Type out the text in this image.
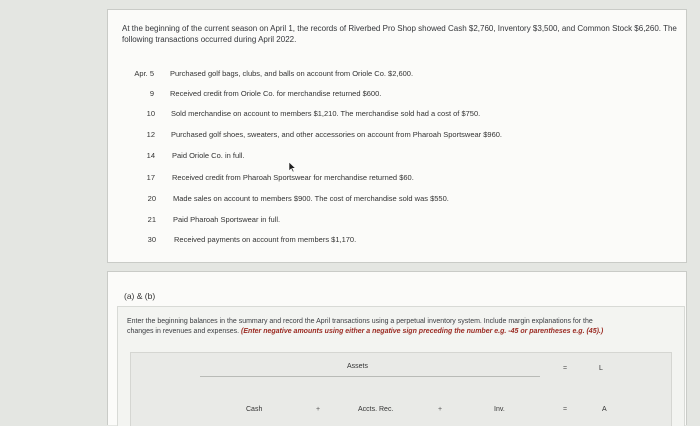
At the beginning of the current season on April 1, the records of Riverbed Pro Shop showed Cash $2,760, Inventory $3,500, and Common Stock $6,260. The following transactions occurred during April 2022.
Apr. 5 Purchased golf bags, clubs, and balls on account from Oriole Co. $2,600.
9 Received credit from Oriole Co. for merchandise returned $600.
10 Sold merchandise on account to members $1,210. The merchandise sold had a cost of $750.
12 Purchased golf shoes, sweaters, and other accessories on account from Pharoah Sportswear $960.
14 Paid Oriole Co. in full.
17 Received credit from Pharoah Sportswear for merchandise returned $60.
20 Made sales on account to members $900. The cost of merchandise sold was $550.
21 Paid Pharoah Sportswear in full.
30 Received payments on account from members $1,170.
(a) & (b)
Enter the beginning balances in the summary and record the April transactions using a perpetual inventory system. Include margin explanations for the changes in revenues and expenses. (Enter negative amounts using either a negative sign preceding the number e.g. -45 or parentheses e.g. (45).)
Assets	=	L
Cash	+	Accts. Rec.	+	Inv.	=	A
